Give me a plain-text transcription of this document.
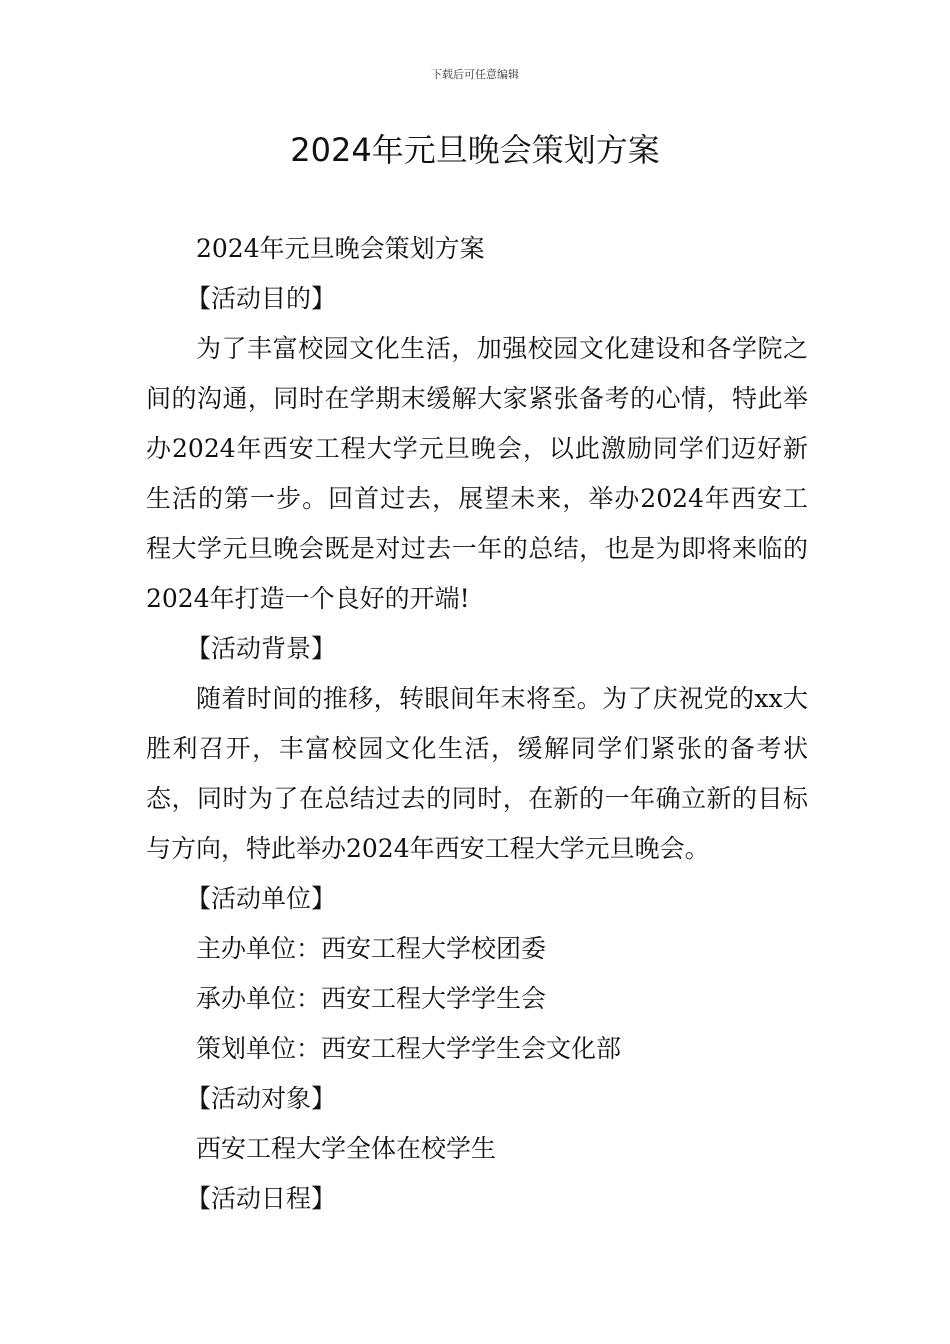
下载后可任意编辑
2024年元旦晚会策划方案

2024年元旦晚会策划方案

【活动目的】

为了丰富校园文化生活，加强校园文化建设和各学院之间的沟通，同时在学期末缓解大家紧张备考的心情，特此举办2024年西安工程大学元旦晚会，以此激励同学们迈好新生活的第一步。回首过去，展望未来，举办2024年西安工程大学元旦晚会既是对过去一年的总结，也是为即将来临的2024年打造一个良好的开端!

【活动背景】

随着时间的推移，转眼间年末将至。为了庆祝党的xx大胜利召开，丰富校园文化生活，缓解同学们紧张的备考状态，同时为了在总结过去的同时，在新的一年确立新的目标与方向，特此举办2024年西安工程大学元旦晚会。

【活动单位】

主办单位：西安工程大学校团委

承办单位：西安工程大学学生会

策划单位：西安工程大学学生会文化部

【活动对象】

西安工程大学全体在校学生

【活动日程】
